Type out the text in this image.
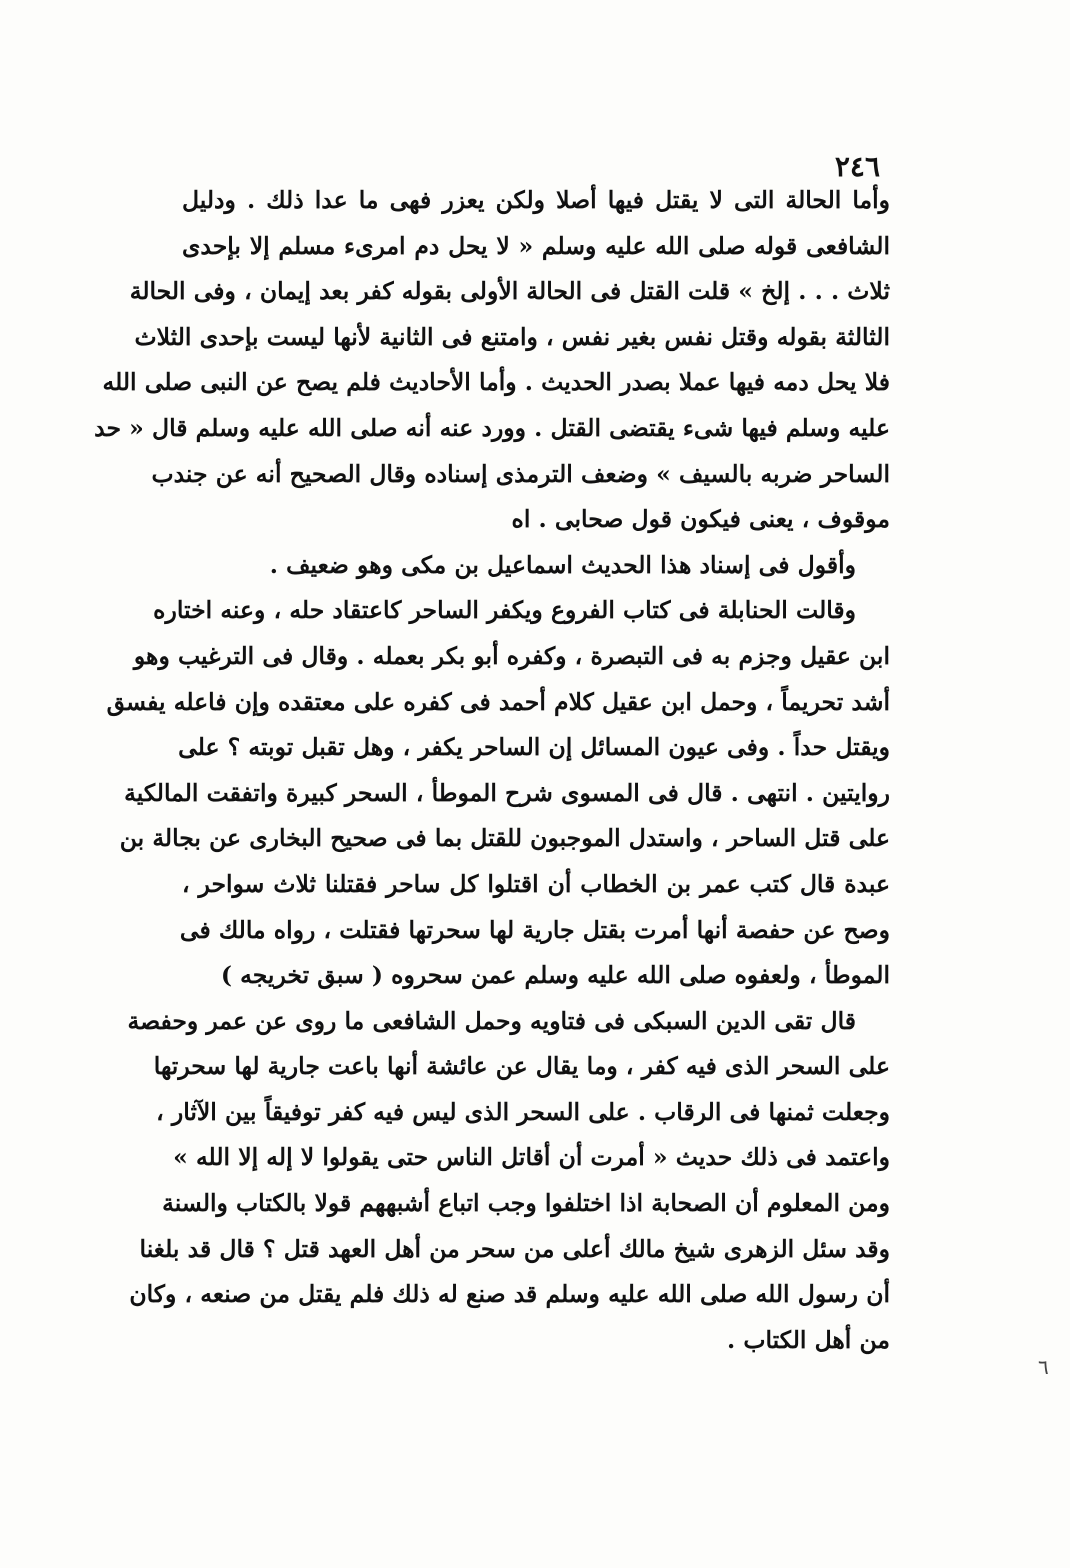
٢٤٦
وأما الحالة التى لا يقتل فيها أصلا ولكن يعزر فهى ما عدا ذلك . ودليل
الشافعى قوله صلى الله عليه وسلم « لا يحل دم امرىء مسلم إلا بإحدى
ثلاث . . . إلخ » قلت القتل فى الحالة الأولى بقوله كفر بعد إيمان ، وفى الحالة
الثالثة بقوله وقتل نفس بغير نفس ، وامتنع فى الثانية لأنها ليست بإحدى الثلاث
فلا يحل دمه فيها عملا بصدر الحديث . وأما الأحاديث فلم يصح عن النبى صلى الله
عليه وسلم فيها شىء يقتضى القتل . وورد عنه أنه صلى الله عليه وسلم قال « حد
الساحر ضربه بالسيف » وضعف الترمذى إسناده وقال الصحيح أنه عن جندب
موقوف ، يعنى فيكون قول صحابى . اه
وأقول فى إسناد هذا الحديث اسماعيل بن مكى وهو ضعيف .
وقالت الحنابلة فى كتاب الفروع ويكفر الساحر كاعتقاد حله ، وعنه اختاره
ابن عقيل وجزم به فى التبصرة ، وكفره أبو بكر بعمله . وقال فى الترغيب وهو
أشد تحريماً ، وحمل ابن عقيل كلام أحمد فى كفره على معتقده وإن فاعله يفسق
ويقتل حداً . وفى عيون المسائل إن الساحر يكفر ، وهل تقبل توبته ؟ على
روايتين . انتهى . قال فى المسوى شرح الموطأ ، السحر كبيرة واتفقت المالكية
على قتل الساحر ، واستدل الموجبون للقتل بما فى صحيح البخارى عن بجالة بن
عبدة قال كتب عمر بن الخطاب أن اقتلوا كل ساحر فقتلنا ثلاث سواحر ،
وصح عن حفصة أنها أمرت بقتل جارية لها سحرتها فقتلت ، رواه مالك فى
الموطأ ، ولعفوه صلى الله عليه وسلم عمن سحروه ( سبق تخريجه )
قال تقى الدين السبكى فى فتاويه وحمل الشافعى ما روى عن عمر وحفصة
على السحر الذى فيه كفر ، وما يقال عن عائشة أنها باعت جارية لها سحرتها
وجعلت ثمنها فى الرقاب . على السحر الذى ليس فيه كفر توفيقاً بين الآثار ،
واعتمد فى ذلك حديث « أمرت أن أقاتل الناس حتى يقولوا لا إله إلا الله »
ومن المعلوم أن الصحابة اذا اختلفوا وجب اتباع أشبههم قولا بالكتاب والسنة
وقد سئل الزهرى شيخ مالك أعلى من سحر من أهل العهد قتل ؟ قال قد بلغنا
أن رسول الله صلى الله عليه وسلم قد صنع له ذلك فلم يقتل من صنعه ، وكان
من أهل الكتاب .
٦
